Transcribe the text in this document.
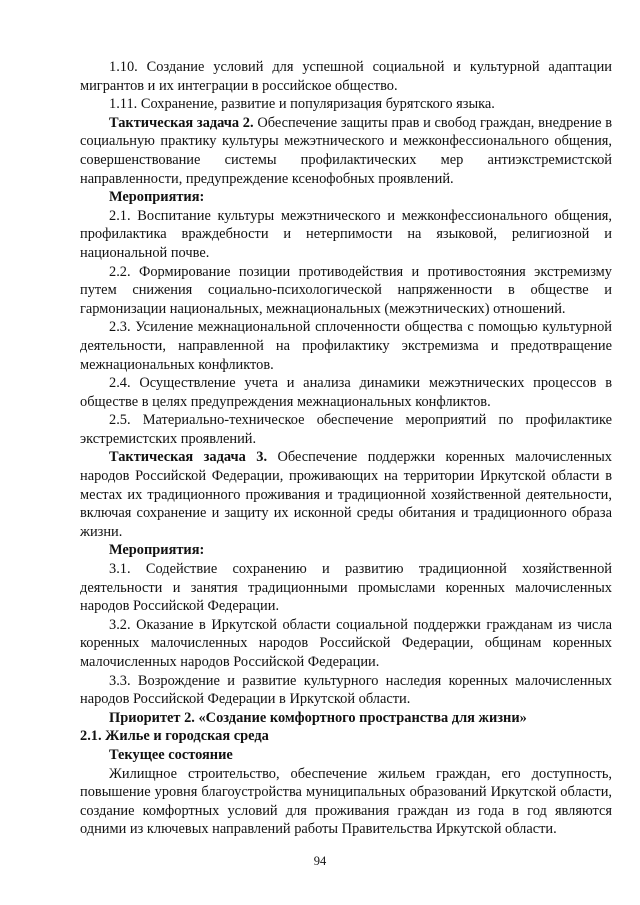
1.10. Создание условий для успешной социальной и культурной адаптации мигрантов и их интеграции в российское общество.

1.11. Сохранение, развитие и популяризация бурятского языка.

Тактическая задача 2. Обеспечение защиты прав и свобод граждан, внедрение в социальную практику культуры межэтнического и межконфессионального общения, совершенствование системы профилактических мер антиэкстремистской направленности, предупреждение ксенофобных проявлений.

Мероприятия:

2.1. Воспитание культуры межэтнического и межконфессионального общения, профилактика враждебности и нетерпимости на языковой, религиозной и национальной почве.

2.2. Формирование позиции противодействия и противостояния экстремизму путем снижения социально-психологической напряженности в обществе и гармонизации национальных, межнациональных (межэтнических) отношений.

2.3. Усиление межнациональной сплоченности общества с помощью культурной деятельности, направленной на профилактику экстремизма и предотвращение межнациональных конфликтов.

2.4. Осуществление учета и анализа динамики межэтнических процессов в обществе в целях предупреждения межнациональных конфликтов.

2.5. Материально-техническое обеспечение мероприятий по профилактике экстремистских проявлений.

Тактическая задача 3. Обеспечение поддержки коренных малочисленных народов Российской Федерации, проживающих на территории Иркутской области в местах их традиционного проживания и традиционной хозяйственной деятельности, включая сохранение и защиту их исконной среды обитания и традиционного образа жизни.

Мероприятия:

3.1. Содействие сохранению и развитию традиционной хозяйственной деятельности и занятия традиционными промыслами коренных малочисленных народов Российской Федерации.

3.2. Оказание в Иркутской области социальной поддержки гражданам из числа коренных малочисленных народов Российской Федерации, общинам коренных малочисленных народов Российской Федерации.

3.3. Возрождение и развитие культурного наследия коренных малочисленных народов Российской Федерации в Иркутской области.

Приоритет 2. «Создание комфортного пространства для жизни»

2.1. Жилье и городская среда

Текущее состояние

Жилищное строительство, обеспечение жильем граждан, его доступность, повышение уровня благоустройства муниципальных образований Иркутской области, создание комфортных условий для проживания граждан из года в год являются одними из ключевых направлений работы Правительства Иркутской области.

94
